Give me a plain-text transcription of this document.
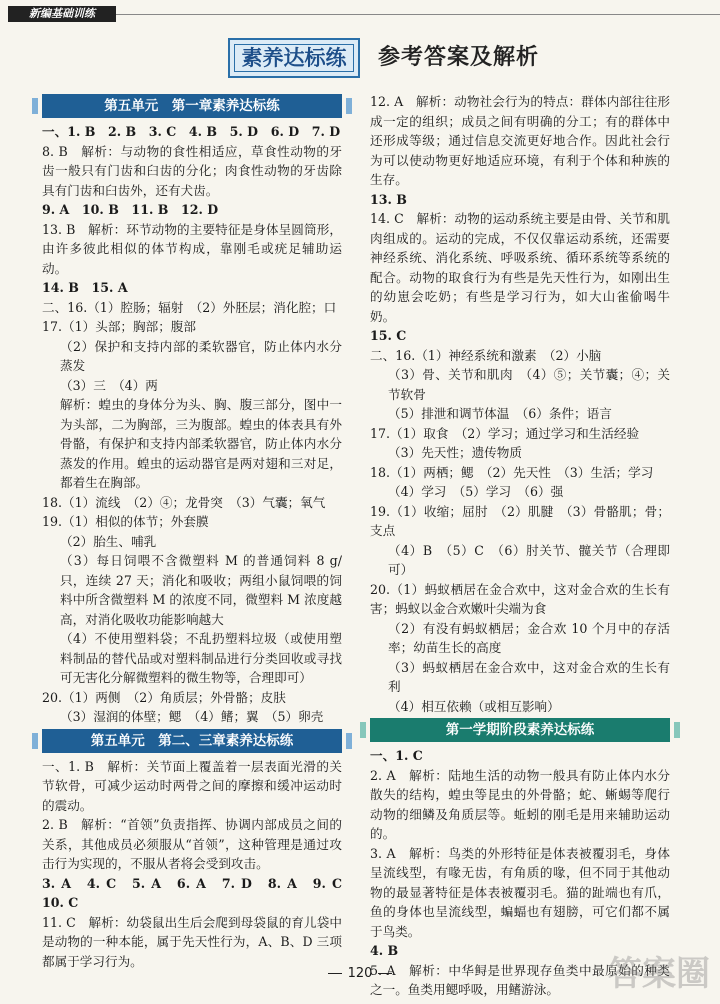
新编基础训练
素养达标练	参考答案及解析
第五单元　第一章素养达标练

一、1. B　2. B　3. C　4. B　5. D　6. D　7. D

8. B　解析：与动物的食性相适应，草食性动物的牙齿一般只有门齿和臼齿的分化；肉食性动物的牙齿除具有门齿和臼齿外，还有犬齿。

9. A　10. B　11. B　12. D

13. B　解析：环节动物的主要特征是身体呈圆筒形，由许多彼此相似的体节构成，靠刚毛或疣足辅助运动。

14. B　15. A

二、16.（1）腔肠；辐射　（2）外胚层；消化腔；口

17.（1）头部；胸部；腹部

（2）保护和支持内部的柔软器官，防止体内水分蒸发

（3）三　（4）两

解析：蝗虫的身体分为头、胸、腹三部分，图中一为头部，二为胸部，三为腹部。蝗虫的体表具有外骨骼，有保护和支持内部柔软器官，防止体内水分蒸发的作用。蝗虫的运动器官是两对翅和三对足，都着生在胸部。

18.（1）流线　（2）④；龙骨突　（3）气囊；氧气

19.（1）相似的体节；外套膜

（2）胎生、哺乳

（3）每日饲喂不含微塑料 M 的普通饲料 8 g/只，连续 27 天；消化和吸收；两组小鼠饲喂的饲料中所含微塑料 M 的浓度不同，微塑料 M 浓度越高，对消化吸收功能影响越大

（4）不使用塑料袋；不乱扔塑料垃圾（或使用塑料制品的替代品或对塑料制品进行分类回收或寻找可无害化分解微塑料的微生物等，合理即可）

20.（1）两侧　（2）角质层；外骨骼；皮肤

（3）湿润的体壁；鳃　（4）鳍；翼　（5）卵壳

第五单元　第二、三章素养达标练

一、1. B　解析：关节面上覆盖着一层表面光滑的关节软骨，可减少运动时两骨之间的摩擦和缓冲运动时的震动。

2. B　解析：“首领”负责指挥、协调内部成员之间的关系，其他成员必须服从“首领”，这种管理是通过攻击行为实现的，不服从者将会受到攻击。

3. A　4. C　5. A　6. A　7. D　8. A　9. C　10. C

11. C　解析：幼袋鼠出生后会爬到母袋鼠的育儿袋中是动物的一种本能，属于先天性行为，A、B、D 三项都属于学习行为。

12. A　解析：动物社会行为的特点：群体内部往往形成一定的组织；成员之间有明确的分工；有的群体中还形成等级；通过信息交流更好地合作。因此社会行为可以使动物更好地适应环境，有利于个体和种族的生存。

13. B

14. C　解析：动物的运动系统主要是由骨、关节和肌肉组成的。运动的完成，不仅仅靠运动系统，还需要神经系统、消化系统、呼吸系统、循环系统等系统的配合。动物的取食行为有些是先天性行为，如刚出生的幼崽会吃奶；有些是学习行为，如大山雀偷喝牛奶。

15. C

二、16.（1）神经系统和激素　（2）小脑

（3）骨、关节和肌肉　（4）⑤；关节囊；④；关节软骨

（5）排泄和调节体温　（6）条件；语言

17.（1）取食　（2）学习；通过学习和生活经验

（3）先天性；遗传物质

18.（1）两栖；鳃　（2）先天性　（3）生活；学习

（4）学习　（5）学习　（6）强

19.（1）收缩；屈肘　（2）肌腱　（3）骨骼肌；骨；支点

（4）B　（5）C　（6）肘关节、髋关节（合理即可）

20.（1）蚂蚁栖居在金合欢中，这对金合欢的生长有害；蚂蚁以金合欢嫩叶尖端为食

（2）有没有蚂蚁栖居；金合欢 10 个月中的存活率；幼苗生长的高度

（3）蚂蚁栖居在金合欢中，这对金合欢的生长有利

（4）相互依赖（或相互影响）

第一学期阶段素养达标练

一、1. C

2. A　解析：陆地生活的动物一般具有防止体内水分散失的结构，蝗虫等昆虫的外骨骼；蛇、蜥蜴等爬行动物的细鳞及角质层等。蚯蚓的刚毛是用来辅助运动的。

3. A　解析：鸟类的外形特征是体表被覆羽毛，身体呈流线型，有喙无齿，有角质的喙，但不同于其他动物的最显著特征是体表被覆羽毛。猫的趾端也有爪，鱼的身体也呈流线型，蝙蝠也有翅膀，可它们都不属于鸟类。

4. B

5. A　解析：中华鲟是世界现存鱼类中最原始的种类之一。鱼类用鳃呼吸，用鳍游泳。

120	答案圈
